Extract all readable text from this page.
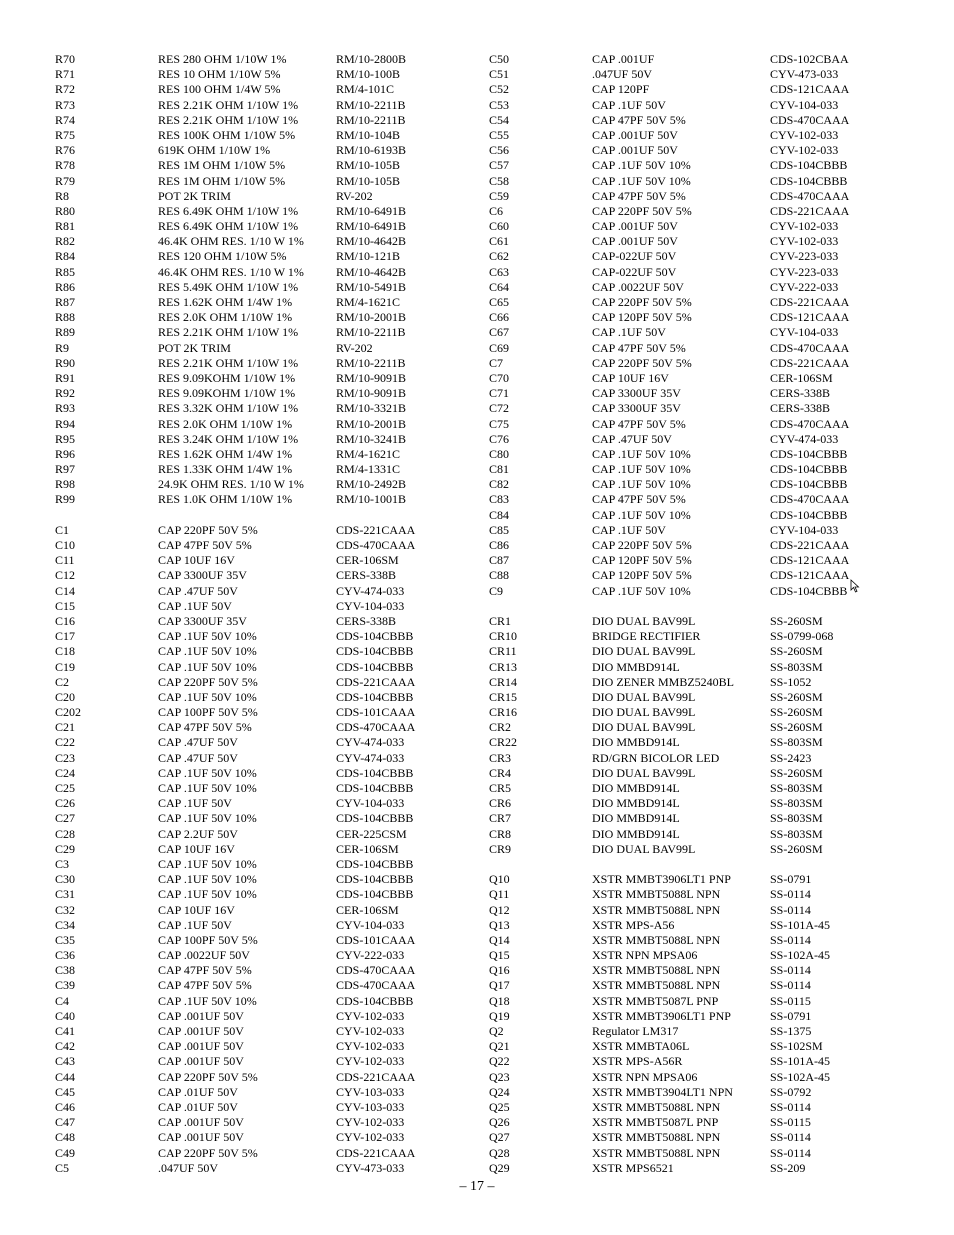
R70	RES 280 OHM 1/10W 1%	RM/10-2800B
R71	RES 10 OHM 1/10W 5%	RM/10-100B
R72	RES 100 OHM 1/4W 5%	RM/4-101C
R73	RES 2.21K OHM 1/10W 1%	RM/10-2211B
R74	RES 2.21K OHM 1/10W 1%	RM/10-2211B
R75	RES 100K OHM 1/10W 5%	RM/10-104B
R76	619K OHM 1/10W 1%	RM/10-6193B
R78	RES 1M OHM 1/10W 5%	RM/10-105B
R79	RES 1M OHM 1/10W 5%	RM/10-105B
R8	POT 2K TRIM	RV-202
R80	RES 6.49K OHM 1/10W 1%	RM/10-6491B
R81	RES 6.49K OHM 1/10W 1%	RM/10-6491B
R82	46.4K OHM RES. 1/10 W 1%	RM/10-4642B
R84	RES 120 OHM 1/10W 5%	RM/10-121B
R85	46.4K OHM RES. 1/10 W 1%	RM/10-4642B
R86	RES 5.49K OHM 1/10W 1%	RM/10-5491B
R87	RES 1.62K OHM 1/4W 1%	RM/4-1621C
R88	RES 2.0K OHM 1/10W 1%	RM/10-2001B
R89	RES 2.21K OHM 1/10W 1%	RM/10-2211B
R9	POT 2K TRIM	RV-202
R90	RES 2.21K OHM 1/10W 1%	RM/10-2211B
R91	RES 9.09KOHM 1/10W 1%	RM/10-9091B
R92	RES 9.09KOHM 1/10W 1%	RM/10-9091B
R93	RES 3.32K OHM 1/10W 1%	RM/10-3321B
R94	RES 2.0K OHM 1/10W 1%	RM/10-2001B
R95	RES 3.24K OHM 1/10W 1%	RM/10-3241B
R96	RES 1.62K OHM 1/4W 1%	RM/4-1621C
R97	RES 1.33K OHM 1/4W 1%	RM/4-1331C
R98	24.9K OHM RES. 1/10 W 1%	RM/10-2492B
R99	RES 1.0K OHM 1/10W 1%	RM/10-1001B
C1	CAP 220PF 50V 5%	CDS-221CAAA
C10	CAP 47PF 50V 5%	CDS-470CAAA
C11	CAP 10UF 16V	CER-106SM
C12	CAP 3300UF 35V	CERS-338B
C14	CAP .47UF 50V	CYV-474-033
C15	CAP .1UF 50V	CYV-104-033
C16	CAP 3300UF 35V	CERS-338B
C17	CAP .1UF 50V 10%	CDS-104CBBB
C18	CAP .1UF 50V 10%	CDS-104CBBB
C19	CAP .1UF 50V 10%	CDS-104CBBB
C2	CAP 220PF 50V 5%	CDS-221CAAA
C20	CAP .1UF 50V 10%	CDS-104CBBB
C202	CAP 100PF 50V 5%	CDS-101CAAA
C21	CAP 47PF 50V 5%	CDS-470CAAA
C22	CAP .47UF 50V	CYV-474-033
C23	CAP .47UF 50V	CYV-474-033
C24	CAP .1UF 50V 10%	CDS-104CBBB
C25	CAP .1UF 50V 10%	CDS-104CBBB
C26	CAP .1UF 50V	CYV-104-033
C27	CAP .1UF 50V 10%	CDS-104CBBB
C28	CAP 2.2UF 50V	CER-225CSM
C29	CAP 10UF 16V	CER-106SM
C3	CAP .1UF 50V 10%	CDS-104CBBB
C30	CAP .1UF 50V 10%	CDS-104CBBB
C31	CAP .1UF 50V 10%	CDS-104CBBB
C32	CAP 10UF 16V	CER-106SM
C34	CAP .1UF 50V	CYV-104-033
C35	CAP 100PF 50V 5%	CDS-101CAAA
C36	CAP .0022UF 50V	CYV-222-033
C38	CAP 47PF 50V 5%	CDS-470CAAA
C39	CAP 47PF 50V 5%	CDS-470CAAA
C4	CAP .1UF 50V 10%	CDS-104CBBB
C40	CAP .001UF 50V	CYV-102-033
C41	CAP .001UF 50V	CYV-102-033
C42	CAP .001UF 50V	CYV-102-033
C43	CAP .001UF 50V	CYV-102-033
C44	CAP 220PF 50V 5%	CDS-221CAAA
C45	CAP .01UF 50V	CYV-103-033
C46	CAP .01UF 50V	CYV-103-033
C47	CAP .001UF 50V	CYV-102-033
C48	CAP .001UF 50V	CYV-102-033
C49	CAP 220PF 50V 5%	CDS-221CAAA
C5	.047UF 50V	CYV-473-033
C50	CAP .001UF	CDS-102CBAA
C51	.047UF 50V	CYV-473-033
C52	CAP 120PF	CDS-121CAAA
C53	CAP .1UF 50V	CYV-104-033
C54	CAP 47PF 50V 5%	CDS-470CAAA
C55	CAP .001UF 50V	CYV-102-033
C56	CAP .001UF 50V	CYV-102-033
C57	CAP .1UF 50V 10%	CDS-104CBBB
C58	CAP .1UF 50V 10%	CDS-104CBBB
C59	CAP 47PF 50V 5%	CDS-470CAAA
C6	CAP 220PF 50V 5%	CDS-221CAAA
C60	CAP .001UF 50V	CYV-102-033
C61	CAP .001UF 50V	CYV-102-033
C62	CAP-022UF 50V	CYV-223-033
C63	CAP-022UF 50V	CYV-223-033
C64	CAP .0022UF 50V	CYV-222-033
C65	CAP 220PF 50V 5%	CDS-221CAAA
C66	CAP 120PF 50V 5%	CDS-121CAAA
C67	CAP .1UF 50V	CYV-104-033
C69	CAP 47PF 50V 5%	CDS-470CAAA
C7	CAP 220PF 50V 5%	CDS-221CAAA
C70	CAP 10UF 16V	CER-106SM
C71	CAP 3300UF 35V	CERS-338B
C72	CAP 3300UF 35V	CERS-338B
C75	CAP 47PF 50V 5%	CDS-470CAAA
C76	CAP .47UF 50V	CYV-474-033
C80	CAP .1UF 50V 10%	CDS-104CBBB
C81	CAP .1UF 50V 10%	CDS-104CBBB
C82	CAP .1UF 50V 10%	CDS-104CBBB
C83	CAP 47PF 50V 5%	CDS-470CAAA
C84	CAP .1UF 50V 10%	CDS-104CBBB
C85	CAP .1UF 50V	CYV-104-033
C86	CAP 220PF 50V 5%	CDS-221CAAA
C87	CAP 120PF 50V 5%	CDS-121CAAA
C88	CAP 120PF 50V 5%	CDS-121CAAA
C9	CAP .1UF 50V 10%	CDS-104CBBB
CR1	DIO DUAL BAV99L	SS-260SM
CR10	BRIDGE RECTIFIER	SS-0799-068
CR11	DIO DUAL BAV99L	SS-260SM
CR13	DIO MMBD914L	SS-803SM
CR14	DIO ZENER MMBZ5240BL	SS-1052
CR15	DIO DUAL BAV99L	SS-260SM
CR16	DIO DUAL BAV99L	SS-260SM
CR2	DIO DUAL BAV99L	SS-260SM
CR22	DIO MMBD914L	SS-803SM
CR3	RD/GRN BICOLOR LED	SS-2423
CR4	DIO DUAL BAV99L	SS-260SM
CR5	DIO MMBD914L	SS-803SM
CR6	DIO MMBD914L	SS-803SM
CR7	DIO MMBD914L	SS-803SM
CR8	DIO MMBD914L	SS-803SM
CR9	DIO DUAL BAV99L	SS-260SM
Q10	XSTR MMBT3906LT1 PNP	SS-0791
Q11	XSTR MMBT5088L NPN	SS-0114
Q12	XSTR MMBT5088L NPN	SS-0114
Q13	XSTR MPS-A56	SS-101A-45
Q14	XSTR MMBT5088L NPN	SS-0114
Q15	XSTR NPN MPSA06	SS-102A-45
Q16	XSTR MMBT5088L NPN	SS-0114
Q17	XSTR MMBT5088L NPN	SS-0114
Q18	XSTR MMBT5087L PNP	SS-0115
Q19	XSTR MMBT3906LT1 PNP	SS-0791
Q2	Regulator LM317	SS-1375
Q21	XSTR MMBTA06L	SS-102SM
Q22	XSTR MPS-A56R	SS-101A-45
Q23	XSTR NPN MPSA06	SS-102A-45
Q24	XSTR MMBT3904LT1 NPN	SS-0792
Q25	XSTR MMBT5088L NPN	SS-0114
Q26	XSTR MMBT5087L PNP	SS-0115
Q27	XSTR MMBT5088L NPN	SS-0114
Q28	XSTR MMBT5088L NPN	SS-0114
Q29	XSTR MPS6521	SS-209
– 17 –
